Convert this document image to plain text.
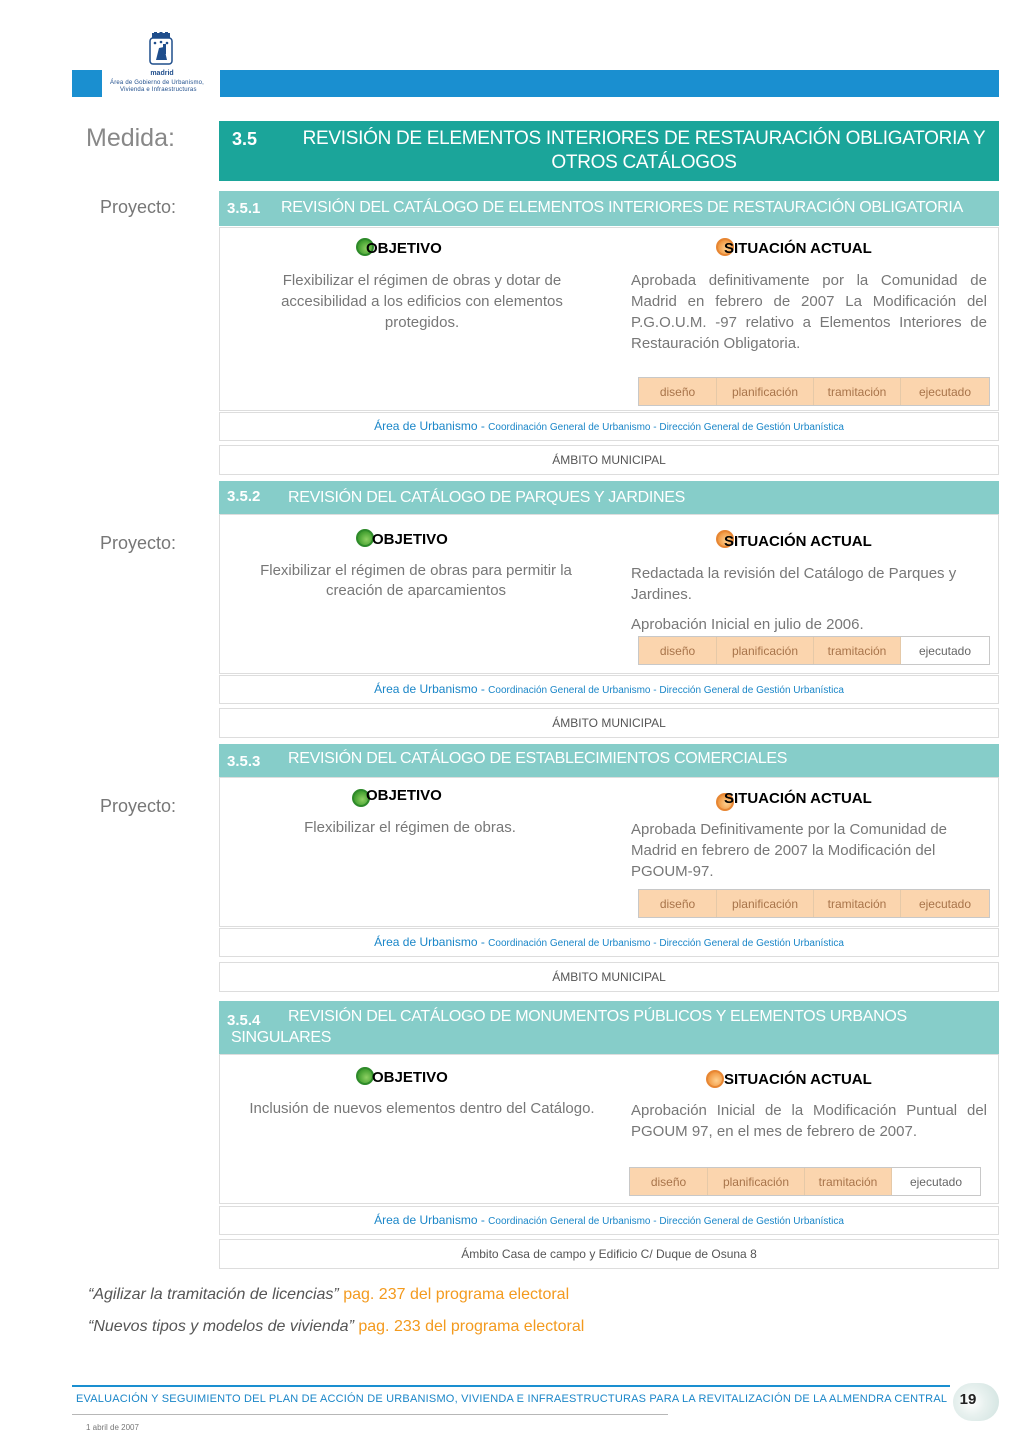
madrid
Área de Gobierno de Urbanismo,
Vivienda e Infraestructuras
Medida:	3.5 REVISIÓN DE ELEMENTOS INTERIORES DE RESTAURACIÓN OBLIGATORIA Y OTROS CATÁLOGOS
Proyecto:	3.5.1 REVISIÓN DEL CATÁLOGO DE ELEMENTOS INTERIORES DE RESTAURACIÓN OBLIGATORIA
OBJETIVO	SITUACIÓN ACTUAL
Flexibilizar el régimen de obras y dotar de accesibilidad a los edificios con elementos protegidos.
Aprobada definitivamente por la Comunidad de Madrid en febrero de 2007 La Modificación del P.G.O.U.M. -97 relativo a Elementos Interiores de Restauración Obligatoria.
diseño	planificación	tramitación	ejecutado
Área de Urbanismo - Coordinación General de Urbanismo - Dirección General de Gestión Urbanística
ÁMBITO MUNICIPAL
3.5.2 REVISIÓN DEL CATÁLOGO DE PARQUES Y JARDINES
Proyecto:	OBJETIVO	SITUACIÓN ACTUAL
Flexibilizar el régimen de obras para permitir la creación de aparcamientos
Redactada la revisión del Catálogo de Parques y Jardines.
Aprobación Inicial en julio de 2006.
diseño	planificación	tramitación	ejecutado
Área de Urbanismo - Coordinación General de Urbanismo - Dirección General de Gestión Urbanística
ÁMBITO MUNICIPAL
3.5.3 REVISIÓN DEL CATÁLOGO DE ESTABLECIMIENTOS COMERCIALES
Proyecto:
OBJETIVO	SITUACIÓN ACTUAL
Flexibilizar el régimen de obras.	Aprobada Definitivamente por la Comunidad de Madrid en febrero de 2007 la Modificación del PGOUM-97.
diseño	planificación	tramitación	ejecutado
Área de Urbanismo - Coordinación General de Urbanismo - Dirección General de Gestión Urbanística
ÁMBITO MUNICIPAL
3.5.4 REVISIÓN DEL CATÁLOGO DE MONUMENTOS PÚBLICOS Y ELEMENTOS URBANOS
SINGULARES
OBJETIVO	SITUACIÓN ACTUAL
Inclusión de nuevos elementos dentro del Catálogo.	Aprobación Inicial de la Modificación Puntual del PGOUM 97, en el mes de febrero de 2007.
diseño	planificación	tramitación	ejecutado
Área de Urbanismo - Coordinación General de Urbanismo - Dirección General de Gestión Urbanística
Ámbito Casa de campo y Edificio C/ Duque de Osuna 8
“Agilizar la tramitación de licencias” pag. 237 del programa electoral
“Nuevos tipos y modelos de vivienda” pag. 233 del programa electoral
EVALUACIÓN Y SEGUIMIENTO DEL PLAN DE ACCIÓN DE URBANISMO, VIVIENDA E INFRAESTRUCTURAS PARA LA REVITALIZACIÓN DE LA ALMENDRA CENTRAL 19
1 abril de 2007
